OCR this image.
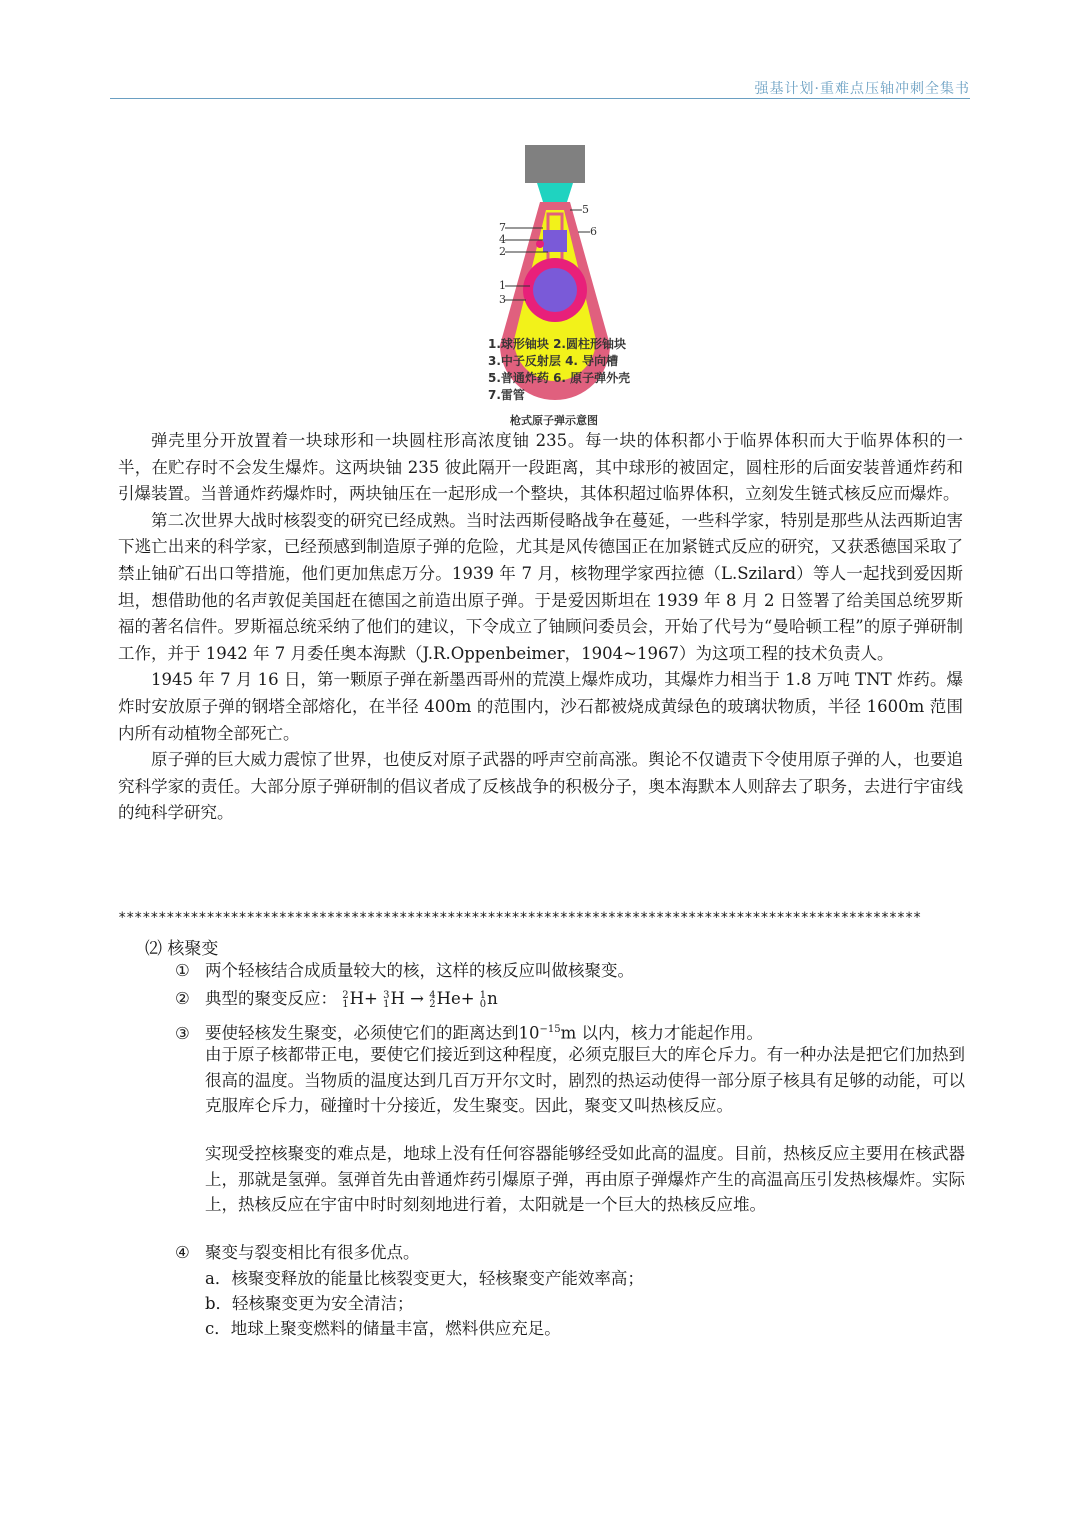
强基计划·重难点压轴冲刺全集书
7
4
2
1
3
5
6
1.球形铀块 2.圆柱形铀块
3.中子反射层 4. 导向槽
5.普通炸药 6. 原子弹外壳
7.雷管
枪式原子弹示意图

弹壳里分开放置着一块球形和一块圆柱形高浓度铀 235。每一块的体积都小于临界体积而大于临界体积的一半，在贮存时不会发生爆炸。这两块铀 235 彼此隔开一段距离，其中球形的被固定，圆柱形的后面安装普通炸药和引爆装置。当普通炸药爆炸时，两块铀压在一起形成一个整块，其体积超过临界体积，立刻发生链式核反应而爆炸。

第二次世界大战时核裂变的研究已经成熟。当时法西斯侵略战争在蔓延，一些科学家，特别是那些从法西斯迫害下逃亡出来的科学家，已经预感到制造原子弹的危险，尤其是风传德国正在加紧链式反应的研究，又获悉德国采取了禁止铀矿石出口等措施，他们更加焦虑万分。1939 年 7 月，核物理学家西拉德（L.Szilard）等人一起找到爱因斯坦，想借助他的名声敦促美国赶在德国之前造出原子弹。于是爱因斯坦在 1939 年 8 月 2 日签署了给美国总统罗斯福的著名信件。罗斯福总统采纳了他们的建议，下令成立了铀顾问委员会，开始了代号为“曼哈顿工程”的原子弹研制工作，并于 1942 年 7 月委任奥本海默（J.R.Oppenbeimer，1904~1967）为这项工程的技术负责人。

1945 年 7 月 16 日，第一颗原子弹在新墨西哥州的荒漠上爆炸成功，其爆炸力相当于 1.8 万吨 TNT 炸药。爆炸时安放原子弹的钢塔全部熔化，在半径 400m 的范围内，沙石都被烧成黄绿色的玻璃状物质，半径 1600m 范围内所有动植物全部死亡。

原子弹的巨大威力震惊了世界，也使反对原子武器的呼声空前高涨。舆论不仅谴责下令使用原子弹的人，也要追究科学家的责任。大部分原子弹研制的倡议者成了反核战争的积极分子，奥本海默本人则辞去了职务，去进行宇宙线的纯科学研究。

****************************************************************************************************
⑵ 核聚变
① 两个轻核结合成质量较大的核，这样的核反应叫做核聚变。
② 典型的聚变反应： 2
1 H+ 3
1 H → 4
2 He+ 1
0 n
③ 要使轻核发生聚变，必须使它们的距离达到$10^{-15}m$ 以内，核力才能起作用。
由于原子核都带正电，要使它们接近到这种程度，必须克服巨大的库仑斥力。有一种办法是把它们加热到很高的温度。当物质的温度达到几百万开尔文时，剧烈的热运动使得一部分原子核具有足够的动能，可以克服库仑斥力，碰撞时十分接近，发生聚变。因此，聚变又叫热核反应。
实现受控核聚变的难点是，地球上没有任何容器能够经受如此高的温度。目前，热核反应主要用在核武器上，那就是氢弹。氢弹首先由普通炸药引爆原子弹，再由原子弹爆炸产生的高温高压引发热核爆炸。实际上，热核反应在宇宙中时时刻刻地进行着，太阳就是一个巨大的热核反应堆。
④ 聚变与裂变相比有很多优点。
a．核聚变释放的能量比核裂变更大，轻核聚变产能效率高；
b．轻核聚变更为安全清洁；
c．地球上聚变燃料的储量丰富，燃料供应充足。
